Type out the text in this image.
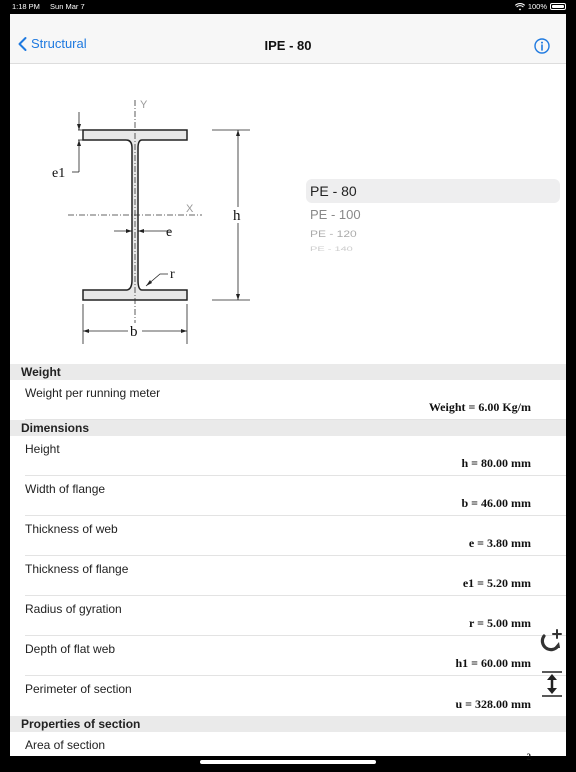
1:18 PM Sun Mar 7	100%
Structural	IPE - 80
Y
X
e1
e
h
r
b
PE - 80
PE - 100
PE - 120
PE - 140
Weight
Weight per running meter
Weight = 6.00 Kg/m
Dimensions
Height
h = 80.00 mm
Width of flange
b = 46.00 mm
Thickness of web
e = 3.80 mm
Thickness of flange
e1 = 5.20 mm
Radius of gyration
r = 5.00 mm
Depth of flat web
h1 = 60.00 mm
Perimeter of section
u = 328.00 mm
Properties of section
Area of section
2
